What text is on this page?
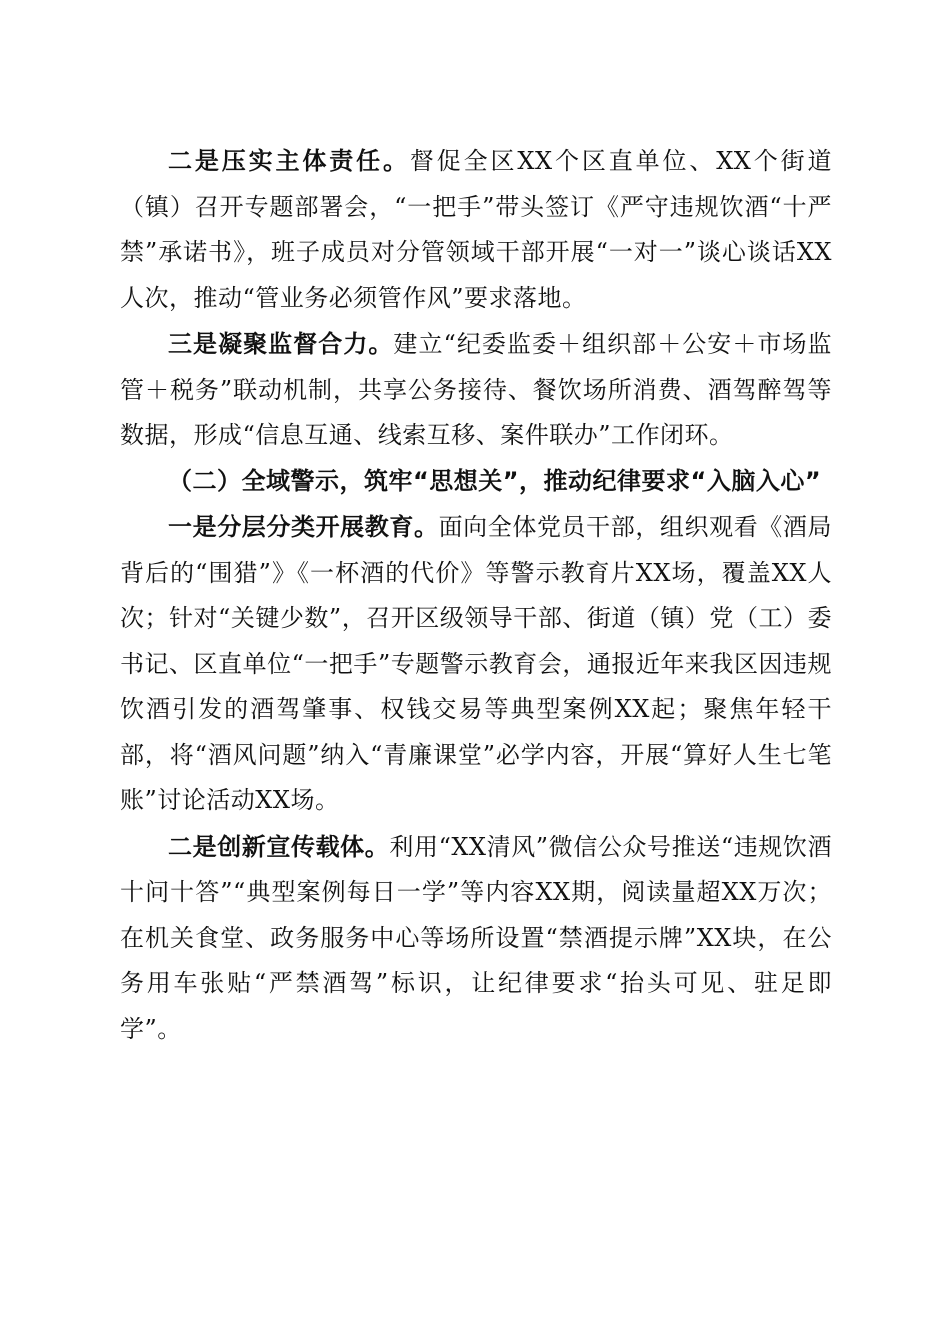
二是压实主体责任。督促全区XX个区直单位、XX个街道（镇）召开专题部署会，“一把手”带头签订《严守违规饮酒“十严禁”承诺书》，班子成员对分管领域干部开展“一对一”谈心谈话XX人次，推动“管业务必须管作风”要求落地。

三是凝聚监督合力。建立“纪委监委＋组织部＋公安＋市场监管＋税务”联动机制，共享公务接待、餐饮场所消费、酒驾醉驾等数据，形成“信息互通、线索互移、案件联办”工作闭环。

（二）全域警示，筑牢“思想关”，推动纪律要求“入脑入心”

一是分层分类开展教育。面向全体党员干部，组织观看《酒局背后的“围猎”》《一杯酒的代价》等警示教育片XX场，覆盖XX人次；针对“关键少数”，召开区级领导干部、街道（镇）党（工）委书记、区直单位“一把手”专题警示教育会，通报近年来我区因违规饮酒引发的酒驾肇事、权钱交易等典型案例XX起；聚焦年轻干部，将“酒风问题”纳入“青廉课堂”必学内容，开展“算好人生七笔账”讨论活动XX场。

二是创新宣传载体。利用“XX清风”微信公众号推送“违规饮酒十问十答”“典型案例每日一学”等内容XX期，阅读量超XX万次；在机关食堂、政务服务中心等场所设置“禁酒提示牌”XX块，在公务用车张贴“严禁酒驾”标识，让纪律要求“抬头可见、驻足即学”。
